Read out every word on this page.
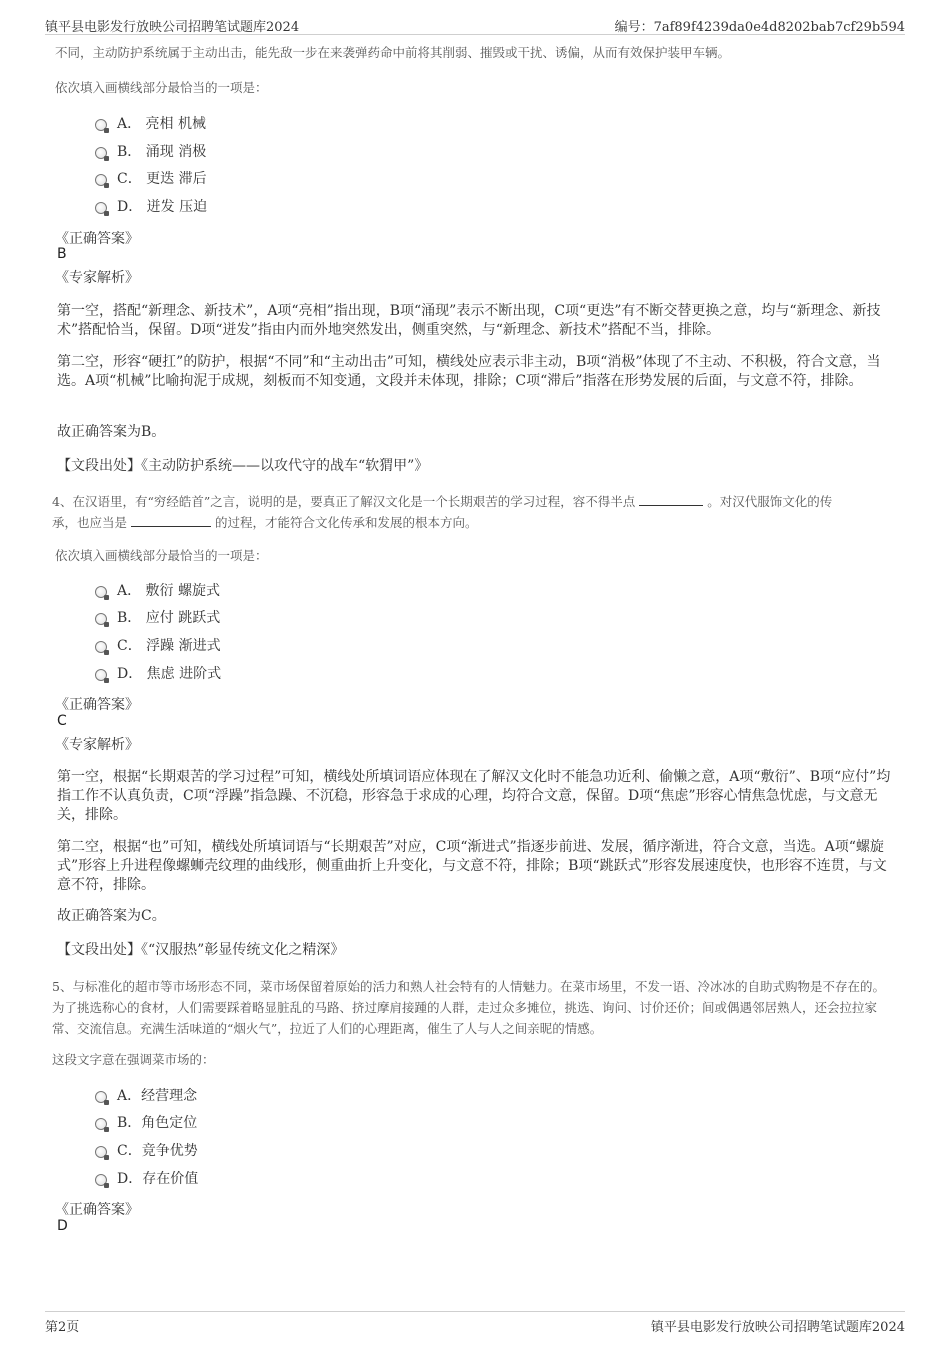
镇平县电影发行放映公司招聘笔试题库2024	编号：7af89f4239da0e4d8202bab7cf29b594
不同，主动防护系统属于主动出击，能先敌一步在来袭弹药命中前将其削弱、摧毁或干扰、诱偏，从而有效保护装甲车辆。
依次填入画横线部分最恰当的一项是：
A． 亮相 机械
B． 涌现 消极
C． 更迭 滞后
D． 迸发 压迫
《正确答案》
B
《专家解析》
第一空，搭配“新理念、新技术”，A项“亮相”指出现，B项“涌现”表示不断出现，C项“更迭”有不断交替更换之意，均与“新理念、新技术”搭配恰当，保留。D项“迸发”指由内而外地突然发出，侧重突然，与“新理念、新技术”搭配不当，排除。
第二空，形容“硬扛”的防护，根据“不同”和“主动出击”可知，横线处应表示非主动，B项“消极”体现了不主动、不积极，符合文意，当选。A项“机械”比喻拘泥于成规，刻板而不知变通，文段并未体现，排除；C项“滞后”指落在形势发展的后面，与文意不符，排除。
故正确答案为B。
【文段出处】《主动防护系统——以攻代守的战车“软猬甲”》
4、在汉语里，有“穷经皓首”之言，说明的是，要真正了解汉文化是一个长期艰苦的学习过程，容不得半点	。对汉代服饰文化的传
承，也应当是	的过程，才能符合文化传承和发展的根本方向。
依次填入画横线部分最恰当的一项是：
A． 敷衍 螺旋式
B． 应付 跳跃式
C． 浮躁 渐进式
D． 焦虑 进阶式
《正确答案》
C
《专家解析》
第一空，根据“长期艰苦的学习过程”可知，横线处所填词语应体现在了解汉文化时不能急功近利、偷懒之意，A项“敷衍”、B项“应付”均指工作不认真负责，C项“浮躁”指急躁、不沉稳，形容急于求成的心理，均符合文意，保留。D项“焦虑”形容心情焦急忧虑，与文意无关，排除。
第二空，根据“也”可知，横线处所填词语与“长期艰苦”对应，C项“渐进式”指逐步前进、发展，循序渐进，符合文意，当选。A项“螺旋式”形容上升进程像螺蛳壳纹理的曲线形，侧重曲折上升变化，与文意不符，排除；B项“跳跃式”形容发展速度快，也形容不连贯，与文意不符，排除。
故正确答案为C。
【文段出处】《“汉服热”彰显传统文化之精深》
5、与标准化的超市等市场形态不同，菜市场保留着原始的活力和熟人社会特有的人情魅力。在菜市场里，不发一语、冷冰冰的自助式购物是不存在的。为了挑选称心的食材，人们需要踩着略显脏乱的马路、挤过摩肩接踵的人群，走过众多摊位，挑选、询问、讨价还价；间或偶遇邻居熟人，还会拉拉家常、交流信息。充满生活味道的“烟火气”，拉近了人们的心理距离，催生了人与人之间亲昵的情感。
这段文字意在强调菜市场的：
A．经营理念
B．角色定位
C．竞争优势
D．存在价值
《正确答案》
D
第2页	镇平县电影发行放映公司招聘笔试题库2024
